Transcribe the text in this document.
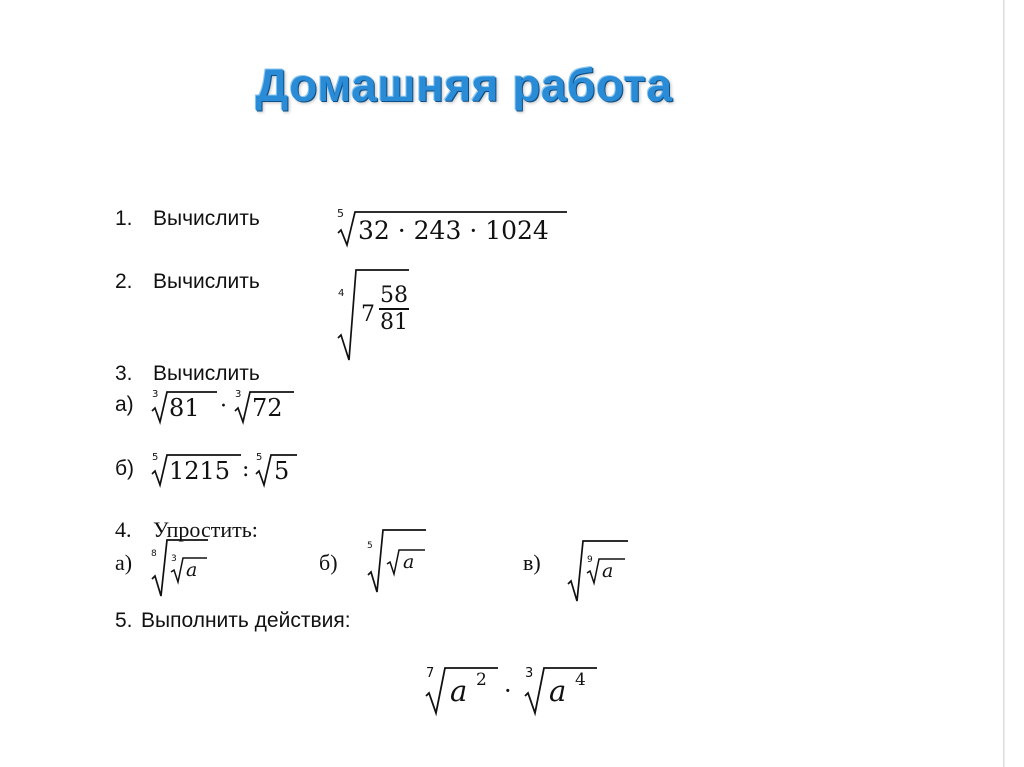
Домашняя работа
1. Вычислить	5
32 · 243 · 1024
2. Вычислить
4
7
58
81
3. Вычислить
а) 3 81 · 3 72
б) 5 1215 : 5 5
4. Упростить:
а) 8 3 a	б)
5
a	в)	9 a
5. Выполнить действия:
7
a 2 ·
3
a 4
